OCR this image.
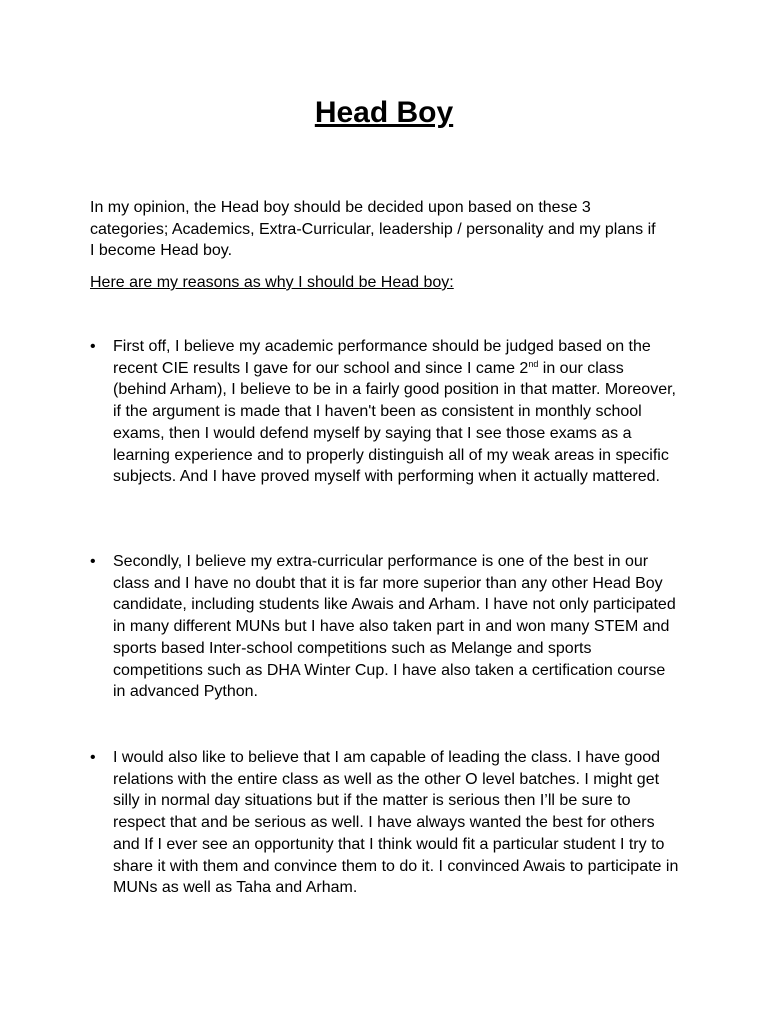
Head Boy

In my opinion, the Head boy should be decided upon based on these 3 categories; Academics, Extra-Curricular, leadership / personality and my plans if I become Head boy.

Here are my reasons as why I should be Head boy:

• First off, I believe my academic performance should be judged based on the recent CIE results I gave for our school and since I came 2nd in our class (behind Arham), I believe to be in a fairly good position in that matter. Moreover, if the argument is made that I haven't been as consistent in monthly school exams, then I would defend myself by saying that I see those exams as a learning experience and to properly distinguish all of my weak areas in specific subjects. And I have proved myself with performing when it actually mattered.

• Secondly, I believe my extra-curricular performance is one of the best in our class and I have no doubt that it is far more superior than any other Head Boy candidate, including students like Awais and Arham. I have not only participated in many different MUNs but I have also taken part in and won many STEM and sports based Inter-school competitions such as Melange and sports competitions such as DHA Winter Cup. I have also taken a certification course in advanced Python.

• I would also like to believe that I am capable of leading the class. I have good relations with the entire class as well as the other O level batches. I might get silly in normal day situations but if the matter is serious then I’ll be sure to respect that and be serious as well. I have always wanted the best for others and If I ever see an opportunity that I think would fit a particular student I try to share it with them and convince them to do it. I convinced Awais to participate in MUNs as well as Taha and Arham.
